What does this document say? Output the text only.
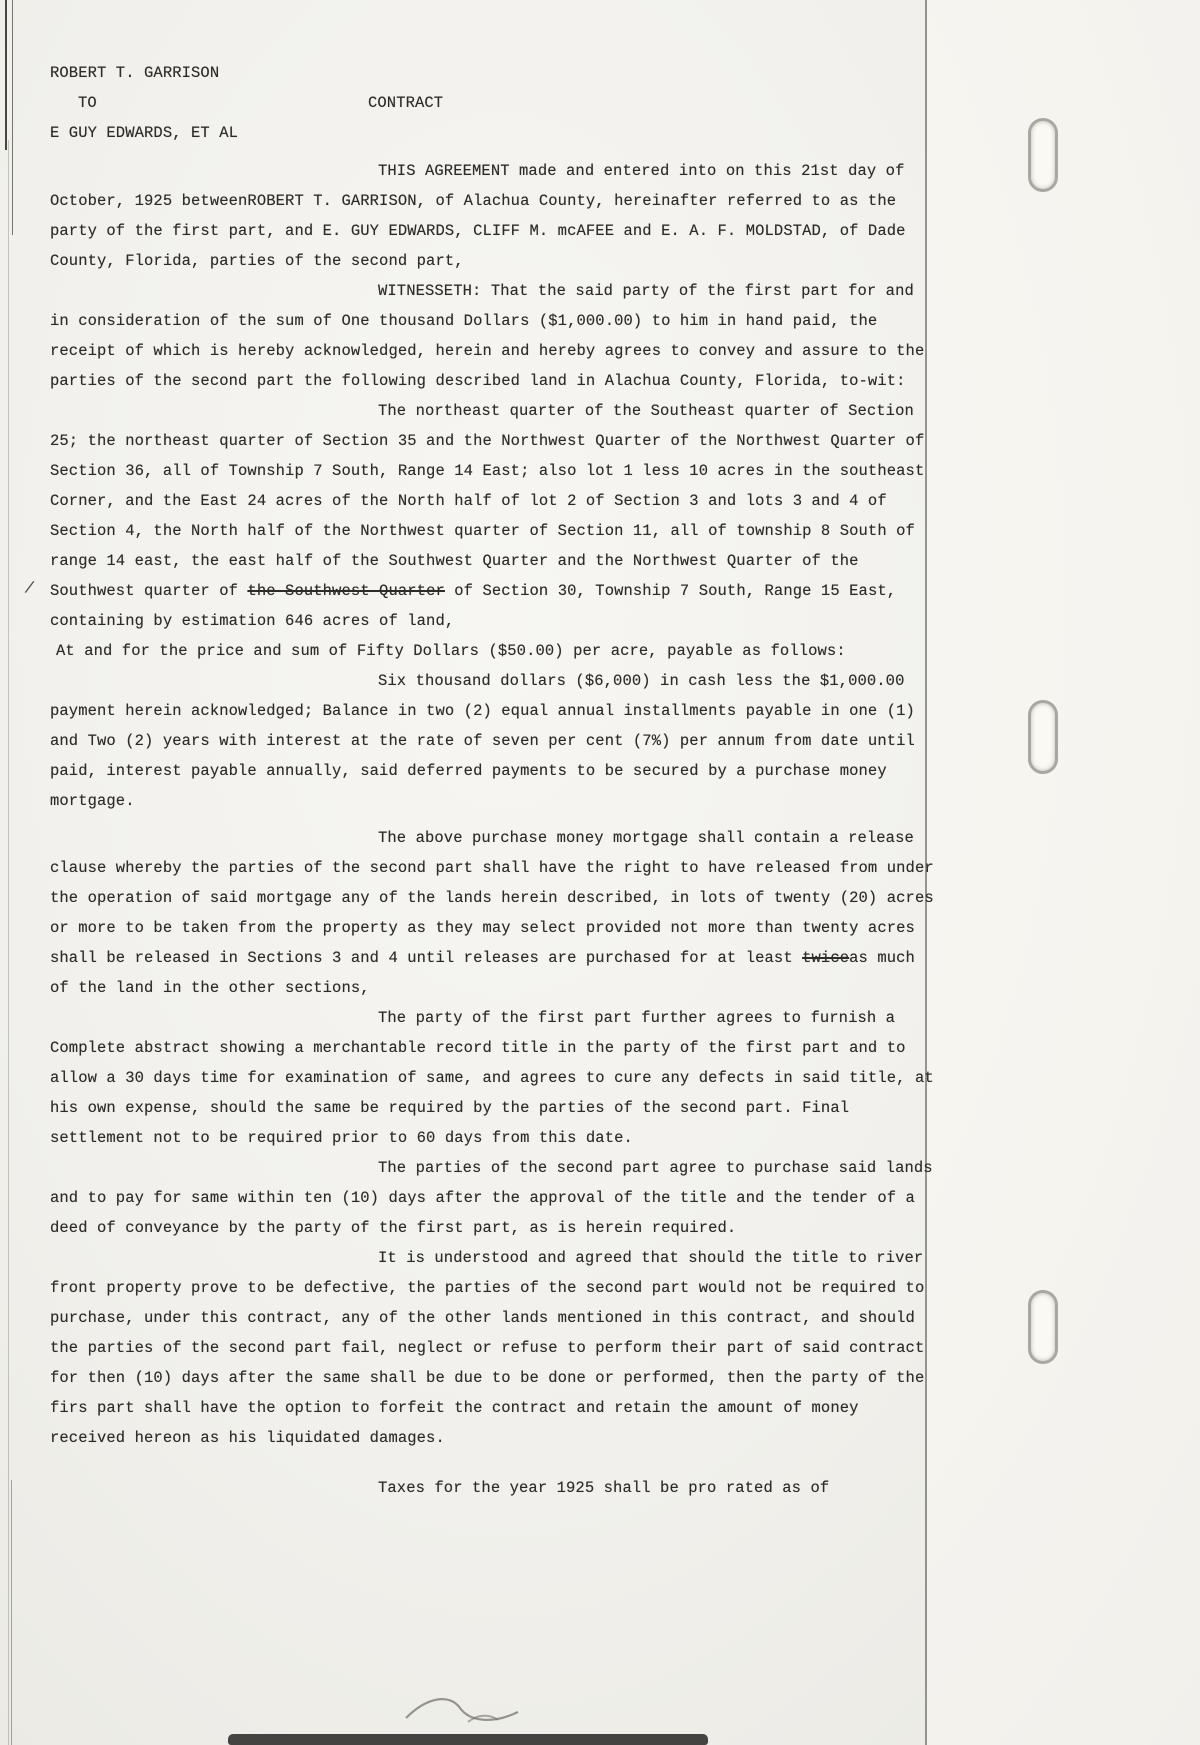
/
ROBERT T. GARRISON
TO	CONTRACT
E GUY EDWARDS, ET AL

THIS AGREEMENT made and entered into on this 21st day of October, 1925 betweenROBERT T. GARRISON, of Alachua County, hereinafter referred to as the party of the first part, and E. GUY EDWARDS, CLIFF M. mcAFEE and E. A. F. MOLDSTAD, of Dade County, Florida, parties of the second part,

WITNESSETH: That the said party of the first part for and in consideration of the sum of One thousand Dollars ($1,000.00) to him in hand paid, the receipt of which is hereby acknowledged, herein and hereby agrees to convey and assure to the parties of the second part the following described land in Alachua County, Florida, to-wit:

The northeast quarter of the Southeast quarter of Section 25; the northeast quarter of Section 35 and the Northwest Quarter of the Northwest Quarter of Section 36, all of Township 7 South, Range 14 East; also lot 1 less 10 acres in the southeast Corner, and the East 24 acres of the North half of lot 2 of Section 3 and lots 3 and 4 of Section 4, the North half of the Northwest quarter of Section 11, all of township 8 South of range 14 east, the east half of the Southwest Quarter and the Northwest Quarter of the Southwest quarter of the Southwest Quarter of Section 30, Township 7 South, Range 15 East, containing by estimation 646 acres of land,

At and for the price and sum of Fifty Dollars ($50.00) per acre, payable as follows:

Six thousand dollars ($6,000) in cash less the $1,000.00 payment herein acknowledged; Balance in two (2) equal annual installments payable in one (1) and Two (2) years with interest at the rate of seven per cent (7%) per annum from date until paid, interest payable annually, said deferred payments to be secured by a purchase money mortgage.

The above purchase money mortgage shall contain a release clause whereby the parties of the second part shall have the right to have released from under the operation of said mortgage any of the lands herein described, in lots of twenty (20) acres or more to be taken from the property as they may select provided not more than twenty acres shall be released in Sections 3 and 4 until releases are purchased for at least twiceas much of the land in the other sections,

The party of the first part further agrees to furnish a Complete abstract showing a merchantable record title in the party of the first part and to allow a 30 days time for examination of same, and agrees to cure any defects in said title, at his own expense, should the same be required by the parties of the second part. Final settlement not to be required prior to 60 days from this date.

The parties of the second part agree to purchase said lands and to pay for same within ten (10) days after the approval of the title and the tender of a deed of conveyance by the party of the first part, as is herein required.

It is understood and agreed that should the title to river front property prove to be defective, the parties of the second part would not be required to purchase, under this contract, any of the other lands mentioned in this contract, and should the parties of the second part fail, neglect or refuse to perform their part of said contract for then (10) days after the same shall be due to be done or performed, then the party of the firs part shall have the option to forfeit the contract and retain the amount of money received hereon as his liquidated damages.

Taxes for the year 1925 shall be pro rated as of
